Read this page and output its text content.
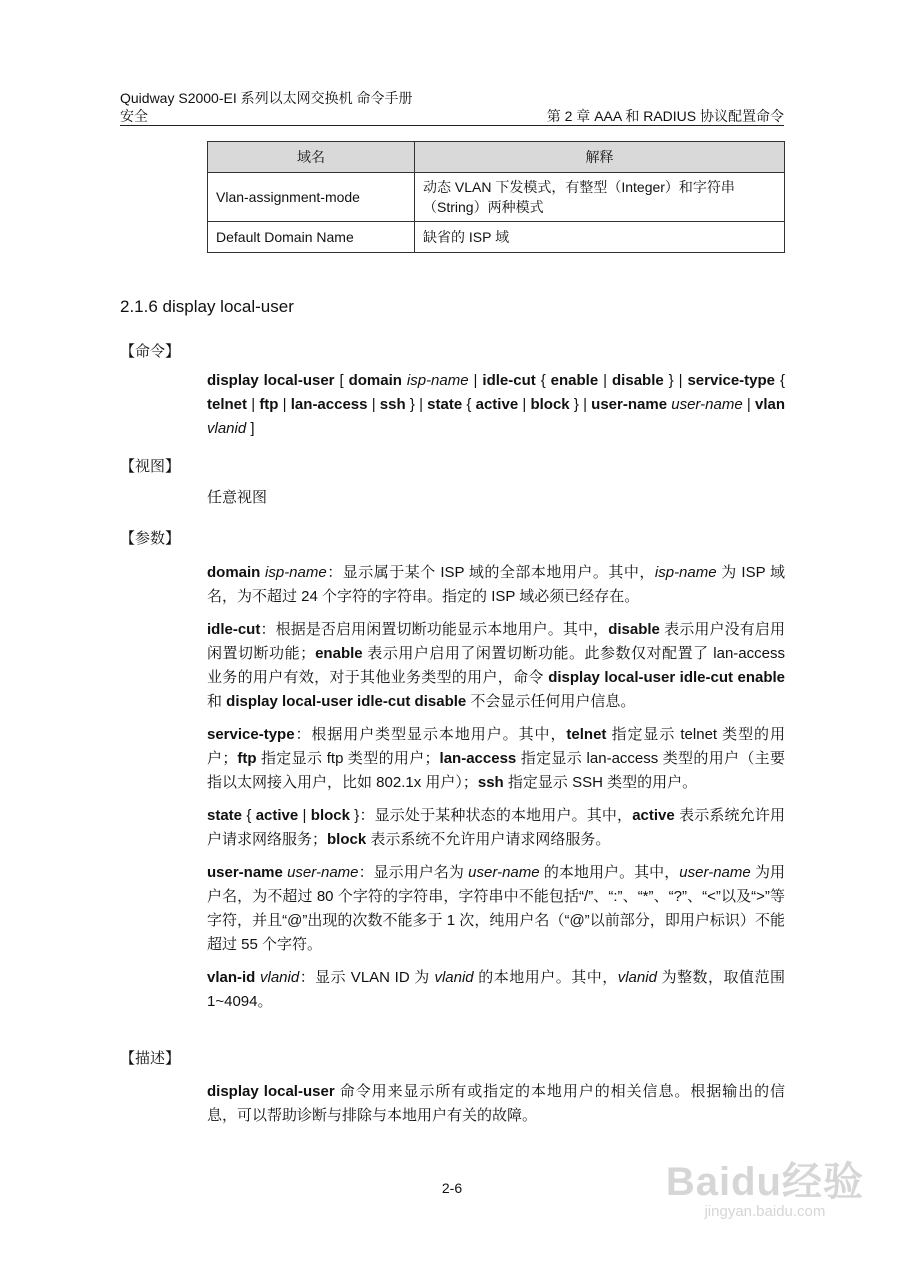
Quidway S2000-EI 系列以太网交换机 命令手册
安全	第 2 章 AAA 和 RADIUS 协议配置命令
域名	解释
Vlan-assignment-mode	动态 VLAN 下发模式，有整型（Integer）和字符串（String）两种模式
Default Domain Name	缺省的 ISP 域
2.1.6 display local-user
【命令】

display local-user [ domain isp-name | idle-cut { enable | disable } | service-type { telnet | ftp | lan-access | ssh } | state { active | block } | user-name user-name | vlan vlanid ]

【视图】

任意视图

【参数】

domain isp-name：显示属于某个 ISP 域的全部本地用户。其中，isp-name 为 ISP 域名，为不超过 24 个字符的字符串。指定的 ISP 域必须已经存在。

idle-cut：根据是否启用闲置切断功能显示本地用户。其中，disable 表示用户没有启用闲置切断功能；enable 表示用户启用了闲置切断功能。此参数仅对配置了 lan-access 业务的用户有效，对于其他业务类型的用户，命令 display local-user idle-cut enable 和 display local-user idle-cut disable 不会显示任何用户信息。

service-type：根据用户类型显示本地用户。其中，telnet 指定显示 telnet 类型的用户；ftp 指定显示 ftp 类型的用户；lan-access 指定显示 lan-access 类型的用户（主要指以太网接入用户，比如 802.1x 用户）；ssh 指定显示 SSH 类型的用户。

state { active | block }：显示处于某种状态的本地用户。其中，active 表示系统允许用户请求网络服务；block 表示系统不允许用户请求网络服务。

user-name user-name：显示用户名为 user-name 的本地用户。其中，user-name 为用户名，为不超过 80 个字符的字符串，字符串中不能包括“/”、“:”、“*”、“?”、“<”以及“>”等字符，并且“@”出现的次数不能多于 1 次，纯用户名（“@”以前部分，即用户标识）不能超过 55 个字符。

vlan-id vlanid：显示 VLAN ID 为 vlanid 的本地用户。其中，vlanid 为整数，取值范围 1~4094。

【描述】

display local-user 命令用来显示所有或指定的本地用户的相关信息。根据输出的信息，可以帮助诊断与排除与本地用户有关的故障。

2-6	Baidu经验
jingyan.baidu.com
